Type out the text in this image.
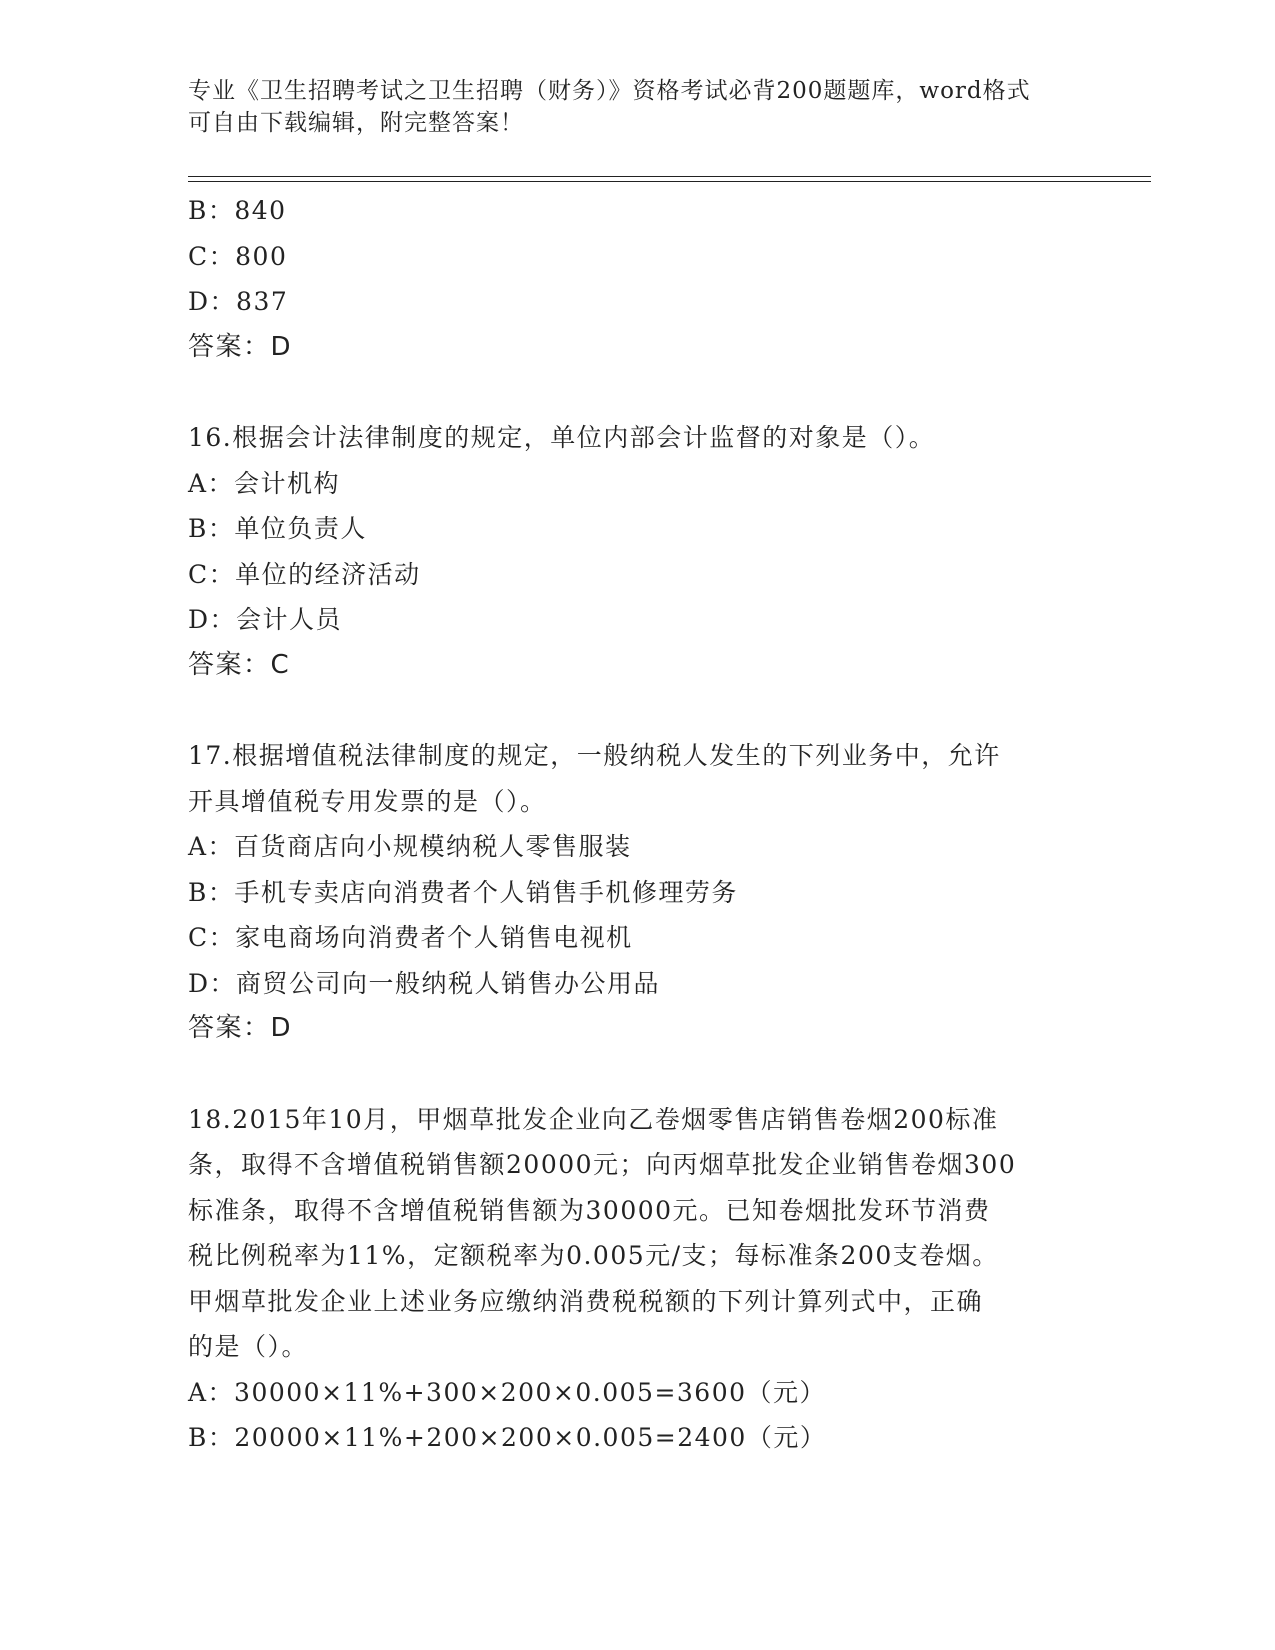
专业《卫生招聘考试之卫生招聘（财务）》资格考试必背200题题库，word格式
可自由下载编辑，附完整答案！
B：840
C：800
D：837
答案：D
16.根据会计法律制度的规定，单位内部会计监督的对象是（）。
A：会计机构
B：单位负责人
C：单位的经济活动
D：会计人员
答案：C
17.根据增值税法律制度的规定，一般纳税人发生的下列业务中，允许
开具增值税专用发票的是（）。
A：百货商店向小规模纳税人零售服装
B：手机专卖店向消费者个人销售手机修理劳务
C：家电商场向消费者个人销售电视机
D：商贸公司向一般纳税人销售办公用品
答案：D
18.2015年10月，甲烟草批发企业向乙卷烟零售店销售卷烟200标准
条，取得不含增值税销售额20000元；向丙烟草批发企业销售卷烟300
标准条，取得不含增值税销售额为30000元。已知卷烟批发环节消费
税比例税率为11%，定额税率为0.005元/支；每标准条200支卷烟。
甲烟草批发企业上述业务应缴纳消费税税额的下列计算列式中，正确
的是（）。
A：30000×11%+300×200×0.005=3600（元）
B：20000×11%+200×200×0.005=2400（元）
